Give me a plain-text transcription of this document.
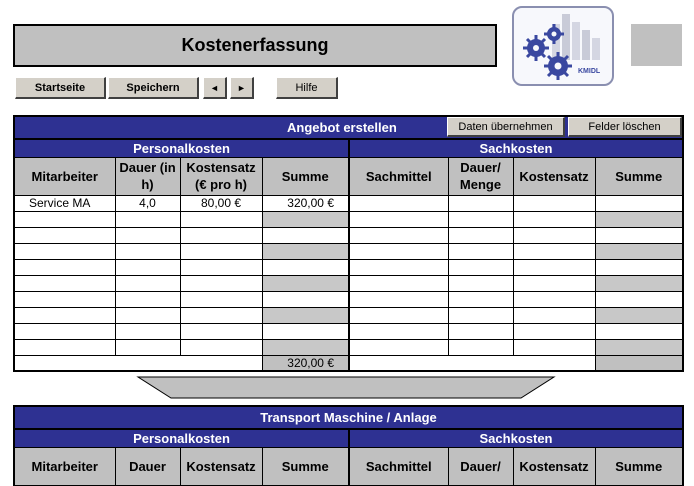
Kostenerfassung
KMIDL
Startseite	Speichern	◄	►	Hilfe
Angebot erstellen Daten übernehmen Felder löschen							

Personalkosten				Sachkosten			
Mitarbeiter	Dauer (in h)	Kostensatz (€ pro h)	Summe	Sachmittel	Dauer/ Menge	Kostensatz	Summe
Service MA	4,0	80,00 €	320,00 €				

			320,00 €				
Transport Maschine / Anlage							
Personalkosten				Sachkosten			
Mitarbeiter	Dauer	Kostensatz	Summe	Sachmittel	Dauer/	Kostensatz	Summe
